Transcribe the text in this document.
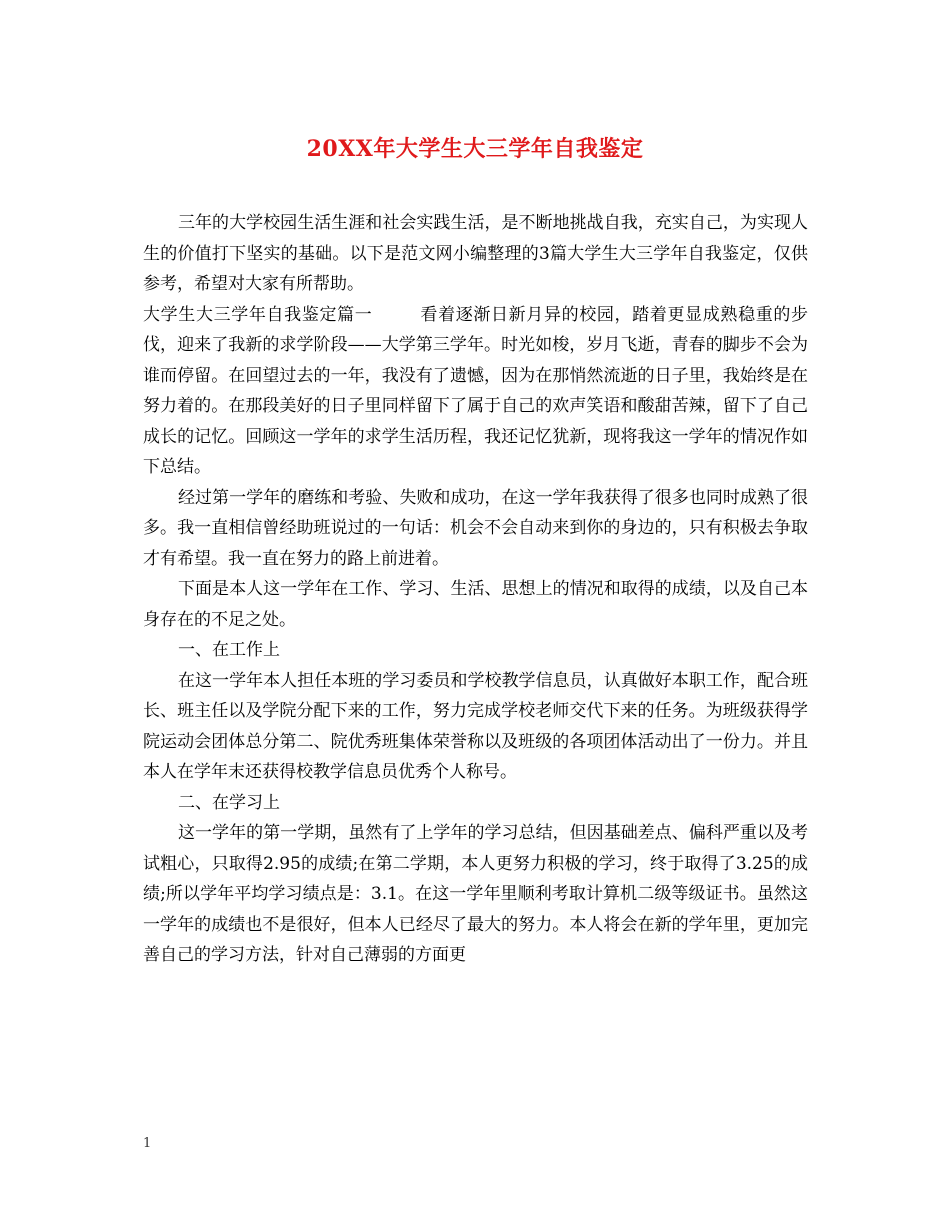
20XX年大学生大三学年自我鉴定

三年的大学校园生活生涯和社会实践生活，是不断地挑战自我，充实自己，为实现人生的价值打下坚实的基础。以下是范文网小编整理的3篇大学生大三学年自我鉴定，仅供参考，希望对大家有所帮助。

大学生大三学年自我鉴定篇一	看着逐渐日新月异的校园，踏着更显成熟稳重的步伐，迎来了我新的求学阶段——大学第三学年。时光如梭，岁月飞逝，青春的脚步不会为谁而停留。在回望过去的一年，我没有了遗憾，因为在那悄然流逝的日子里，我始终是在努力着的。在那段美好的日子里同样留下了属于自己的欢声笑语和酸甜苦辣，留下了自己成长的记忆。回顾这一学年的求学生活历程，我还记忆犹新，现将我这一学年的情况作如下总结。

经过第一学年的磨练和考验、失败和成功，在这一学年我获得了很多也同时成熟了很多。我一直相信曾经助班说过的一句话：机会不会自动来到你的身边的，只有积极去争取才有希望。我一直在努力的路上前进着。

下面是本人这一学年在工作、学习、生活、思想上的情况和取得的成绩，以及自己本身存在的不足之处。

一、在工作上

在这一学年本人担任本班的学习委员和学校教学信息员，认真做好本职工作，配合班长、班主任以及学院分配下来的工作，努力完成学校老师交代下来的任务。为班级获得学院运动会团体总分第二、院优秀班集体荣誉称以及班级的各项团体活动出了一份力。并且本人在学年末还获得校教学信息员优秀个人称号。

二、在学习上

这一学年的第一学期，虽然有了上学年的学习总结，但因基础差点、偏科严重以及考试粗心，只取得2.95的成绩;在第二学期，本人更努力积极的学习，终于取得了3.25的成绩;所以学年平均学习绩点是：3.1。在这一学年里顺利考取计算机二级等级证书。虽然这一学年的成绩也不是很好，但本人已经尽了最大的努力。本人将会在新的学年里，更加完善自己的学习方法，针对自己薄弱的方面更

1
